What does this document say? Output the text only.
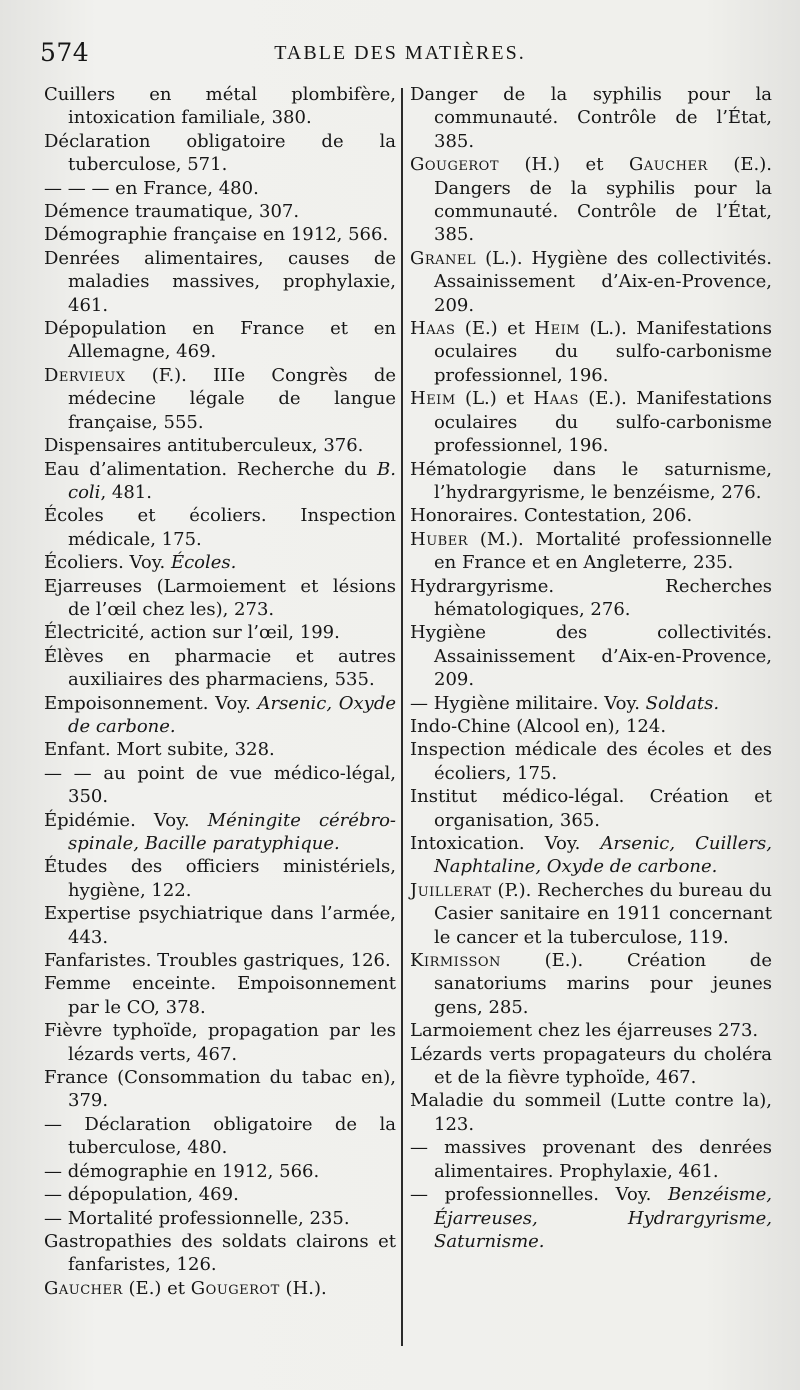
574	TABLE DES MATIÈRES.

Cuillers en métal plombifère, intoxication familiale, 380.

Déclaration obligatoire de la tuberculose, 571.

— — — en France, 480.

Démence traumatique, 307.

Démographie française en 1912, 566.

Denrées alimentaires, causes de maladies massives, prophylaxie, 461.

Dépopulation en France et en Allemagne, 469.

Dervieux (F.). IIIe Congrès de médecine légale de langue française, 555.

Dispensaires antituberculeux, 376.

Eau d’alimentation. Recherche du B. coli, 481.

Écoles et écoliers. Inspection médicale, 175.

Écoliers. Voy. Écoles.

Ejarreuses (Larmoiement et lésions de l’œil chez les), 273.

Électricité, action sur l’œil, 199.

Élèves en pharmacie et autres auxiliaires des pharmaciens, 535.

Empoisonnement. Voy. Arsenic, Oxyde de carbone.

Enfant. Mort subite, 328.

— — au point de vue médico-légal, 350.

Épidémie. Voy. Méningite cérébro-spinale, Bacille paratyphique.

Études des officiers ministériels, hygiène, 122.

Expertise psychiatrique dans l’armée, 443.

Fanfaristes. Troubles gastriques, 126.

Femme enceinte. Empoisonnement par le CO, 378.

Fièvre typhoïde, propagation par les lézards verts, 467.

France (Consommation du tabac en), 379.

— Déclaration obligatoire de la tuberculose, 480.

— démographie en 1912, 566.

— dépopulation, 469.

— Mortalité professionnelle, 235.

Gastropathies des soldats clairons et fanfaristes, 126.

Gaucher (E.) et Gougerot (H.).

Danger de la syphilis pour la communauté. Contrôle de l’État, 385.

Gougerot (H.) et Gaucher (E.). Dangers de la syphilis pour la communauté. Contrôle de l’État, 385.

Granel (L.). Hygiène des collectivités. Assainissement d’Aix-en-Provence, 209.

Haas (E.) et Heim (L.). Manifestations oculaires du sulfo-carbonisme professionnel, 196.

Heim (L.) et Haas (E.). Manifestations oculaires du sulfo-carbonisme professionnel, 196.

Hématologie dans le saturnisme, l’hydrargyrisme, le benzéisme, 276.

Honoraires. Contestation, 206.

Huber (M.). Mortalité professionnelle en France et en Angleterre, 235.

Hydrargyrisme. Recherches hématologiques, 276.

Hygiène des collectivités. Assainissement d’Aix-en-Provence, 209.

— Hygiène militaire. Voy. Soldats.

Indo-Chine (Alcool en), 124.

Inspection médicale des écoles et des écoliers, 175.

Institut médico-légal. Création et organisation, 365.

Intoxication. Voy. Arsenic, Cuillers, Naphtaline, Oxyde de carbone.

Juillerat (P.). Recherches du bureau du Casier sanitaire en 1911 concernant le cancer et la tuberculose, 119.

Kirmisson (E.). Création de sanatoriums marins pour jeunes gens, 285.

Larmoiement chez les éjarreuses 273.

Lézards verts propagateurs du choléra et de la fièvre typhoïde, 467.

Maladie du sommeil (Lutte contre la), 123.

— massives provenant des denrées alimentaires. Prophylaxie, 461.

— professionnelles. Voy. Benzéisme, Éjarreuses, Hydrargyrisme, Saturnisme.
